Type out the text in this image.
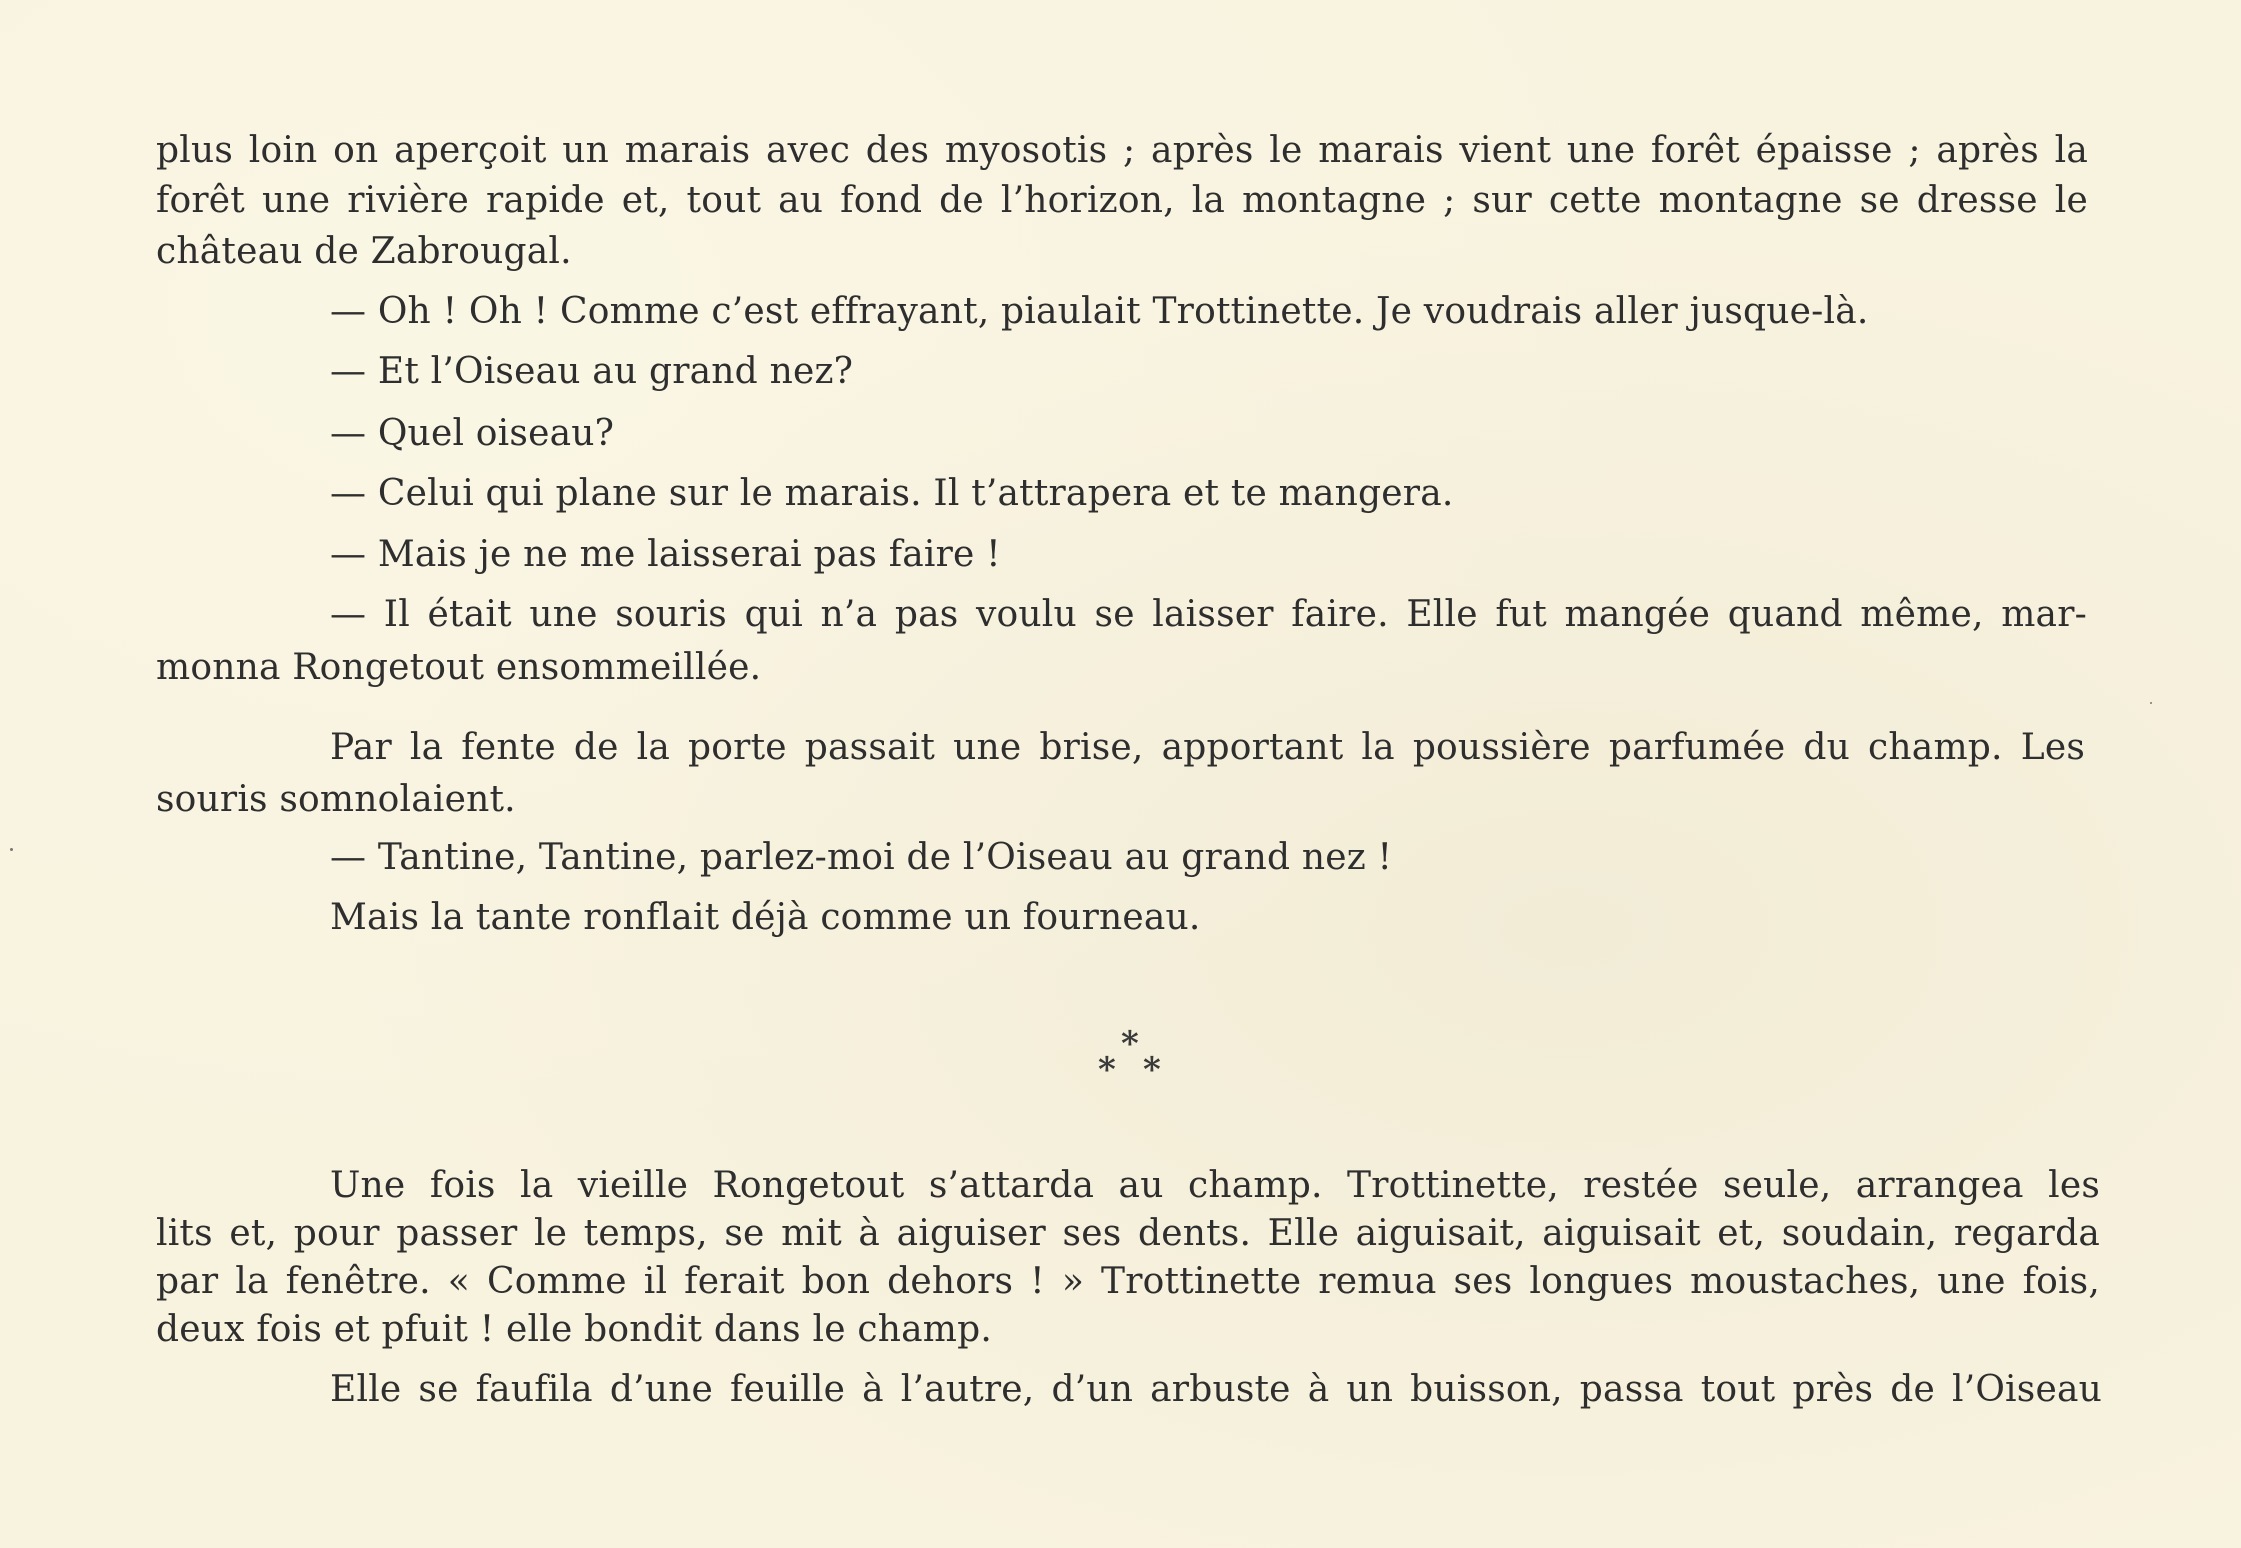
plus loin on aperçoit un marais avec des myosotis ; après le marais vient une forêt épaisse ; après la
forêt une rivière rapide et, tout au fond de l’horizon, la montagne ; sur cette montagne se dresse le
château de Zabrougal.
— Oh ! Oh ! Comme c’est effrayant, piaulait Trottinette. Je voudrais aller jusque-là.
— Et l’Oiseau au grand nez?
— Quel oiseau?
— Celui qui plane sur le marais. Il t’attrapera et te mangera.
— Mais je ne me laisserai pas faire !
— Il était une souris qui n’a pas voulu se laisser faire. Elle fut mangée quand même, mar-
monna Rongetout ensommeillée.
Par la fente de la porte passait une brise, apportant la poussière parfumée du champ. Les
souris somnolaient.
— Tantine, Tantine, parlez-moi de l’Oiseau au grand nez !
Mais la tante ronflait déjà comme un fourneau.
*
* *
Une fois la vieille Rongetout s’attarda au champ. Trottinette, restée seule, arrangea les
lits et, pour passer le temps, se mit à aiguiser ses dents. Elle aiguisait, aiguisait et, soudain, regarda
par la fenêtre. « Comme il ferait bon dehors ! » Trottinette remua ses longues moustaches, une fois,
deux fois et pfuit ! elle bondit dans le champ.
Elle se faufila d’une feuille à l’autre, d’un arbuste à un buisson, passa tout près de l’Oiseau
